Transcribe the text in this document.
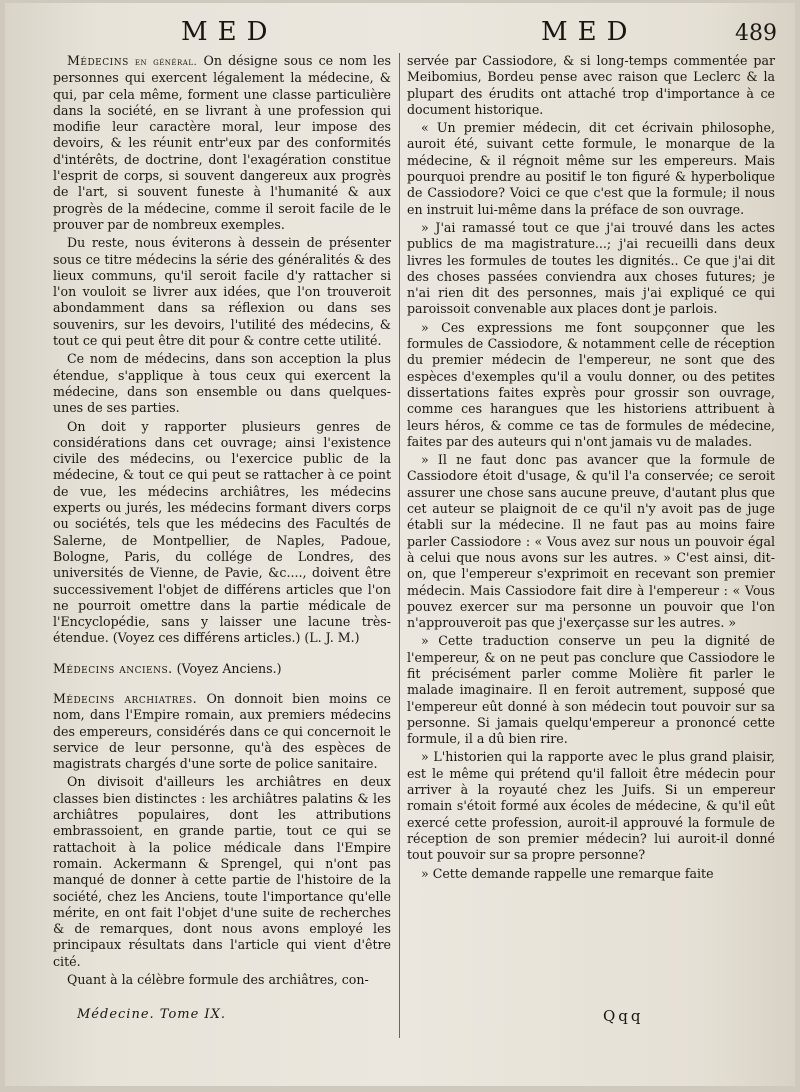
MED	MED	489

Médecins en général. On désigne sous ce nom les personnes qui exercent légalement la médecine, & qui, par cela même, forment une classe particulière dans la société, en se livrant à une profession qui modifie leur caractère moral, leur impose des devoirs, & les réunit entr'eux par des conformités d'intérêts, de doctrine, dont l'exagération constitue l'esprit de corps, si souvent dangereux aux progrès de l'art, si souvent funeste à l'humanité & aux progrès de la médecine, comme il seroit facile de le prouver par de nombreux exemples.

Du reste, nous éviterons à dessein de présenter sous ce titre médecins la série des généralités & des lieux communs, qu'il seroit facile d'y rattacher si l'on vouloit se livrer aux idées, que l'on trouveroit abondamment dans sa réflexion ou dans ses souvenirs, sur les devoirs, l'utilité des médecins, & tout ce qui peut être dit pour & contre cette utilité.

Ce nom de médecins, dans son acception la plus étendue, s'applique à tous ceux qui exercent la médecine, dans son ensemble ou dans quelques-unes de ses parties.

On doit y rapporter plusieurs genres de considérations dans cet ouvrage; ainsi l'existence civile des médecins, ou l'exercice public de la médecine, & tout ce qui peut se rattacher à ce point de vue, les médecins archiâtres, les médecins experts ou jurés, les médecins formant divers corps ou sociétés, tels que les médecins des Facultés de Salerne, de Montpellier, de Naples, Padoue, Bologne, Paris, du collége de Londres, des universités de Vienne, de Pavie, &c...., doivent être successivement l'objet de différens articles que l'on ne pourroit omettre dans la partie médicale de l'Encyclopédie, sans y laisser une lacune très-étendue. (Voyez ces différens articles.) (L. J. M.)

Médecins anciens. (Voyez Anciens.)

Médecins archiatres. On donnoit bien moins ce nom, dans l'Empire romain, aux premiers médecins des empereurs, considérés dans ce qui concernoit le service de leur personne, qu'à des espèces de magistrats chargés d'une sorte de police sanitaire.

On divisoit d'ailleurs les archiâtres en deux classes bien distinctes : les archiâtres palatins & les archiâtres populaires, dont les attributions embrassoient, en grande partie, tout ce qui se rattachoit à la police médicale dans l'Empire romain. Ackermann & Sprengel, qui n'ont pas manqué de donner à cette partie de l'histoire de la société, chez les Anciens, toute l'importance qu'elle mérite, en ont fait l'objet d'une suite de recherches & de remarques, dont nous avons employé les principaux résultats dans l'article qui vient d'être cité.

Quant à la célèbre formule des archiâtres, con-

servée par Cassiodore, & si long-temps commentée par Meibomius, Bordeu pense avec raison que Leclerc & la plupart des érudits ont attaché trop d'importance à ce document historique.

« Un premier médecin, dit cet écrivain philosophe, auroit été, suivant cette formule, le monarque de la médecine, & il régnoit même sur les empereurs. Mais pourquoi prendre au positif le ton figuré & hyperbolique de Cassiodore? Voici ce que c'est que la formule; il nous en instruit lui-même dans la préface de son ouvrage.

» J'ai ramassé tout ce que j'ai trouvé dans les actes publics de ma magistrature...; j'ai recueilli dans deux livres les formules de toutes les dignités.. Ce que j'ai dit des choses passées conviendra aux choses futures; je n'ai rien dit des personnes, mais j'ai expliqué ce qui paroissoit convenable aux places dont je parlois.

» Ces expressions me font soupçonner que les formules de Cassiodore, & notamment celle de réception du premier médecin de l'empereur, ne sont que des espèces d'exemples qu'il a voulu donner, ou des petites dissertations faites exprès pour grossir son ouvrage, comme ces harangues que les historiens attribuent à leurs héros, & comme ce tas de formules de médecine, faites par des auteurs qui n'ont jamais vu de malades.

» Il ne faut donc pas avancer que la formule de Cassiodore étoit d'usage, & qu'il l'a conservée; ce seroit assurer une chose sans aucune preuve, d'autant plus que cet auteur se plaignoit de ce qu'il n'y avoit pas de juge établi sur la médecine. Il ne faut pas au moins faire parler Cassiodore : « Vous avez sur nous un pouvoir égal à celui que nous avons sur les autres. » C'est ainsi, dit-on, que l'empereur s'exprimoit en recevant son premier médecin. Mais Cassiodore fait dire à l'empereur : « Vous pouvez exercer sur ma personne un pouvoir que l'on n'approuveroit pas que j'exerçasse sur les autres. »

» Cette traduction conserve un peu la dignité de l'empereur, & on ne peut pas conclure que Cassiodore le fit précisément parler comme Molière fit parler le malade imaginaire. Il en feroit autrement, supposé que l'empereur eût donné à son médecin tout pouvoir sur sa personne. Si jamais quelqu'empereur a prononcé cette formule, il a dû bien rire.

» L'historien qui la rapporte avec le plus grand plaisir, est le même qui prétend qu'il falloit être médecin pour arriver à la royauté chez les Juifs. Si un empereur romain s'étoit formé aux écoles de médecine, & qu'il eût exercé cette profession, auroit-il approuvé la formule de réception de son premier médecin? lui auroit-il donné tout pouvoir sur sa propre personne?

» Cette demande rappelle une remarque faite

Médecine. Tome IX.	Qqq
